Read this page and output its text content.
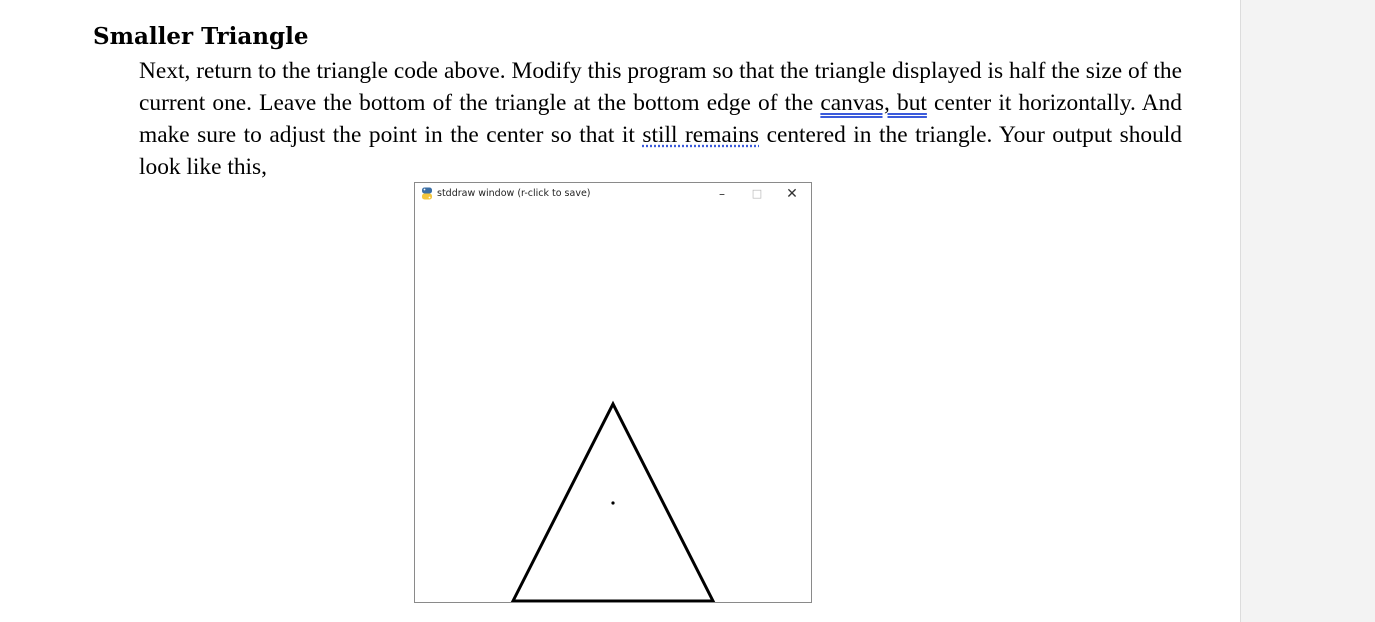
Smaller Triangle

Next, return to the triangle code above. Modify this program so that the triangle displayed is half the size of the current one. Leave the bottom of the triangle at the bottom edge of the canvas, but center it horizontally. And make sure to adjust the point in the center so that it still remains centered in the triangle. Your output should look like this,

stddraw window (r-click to save)	–	□	✕
